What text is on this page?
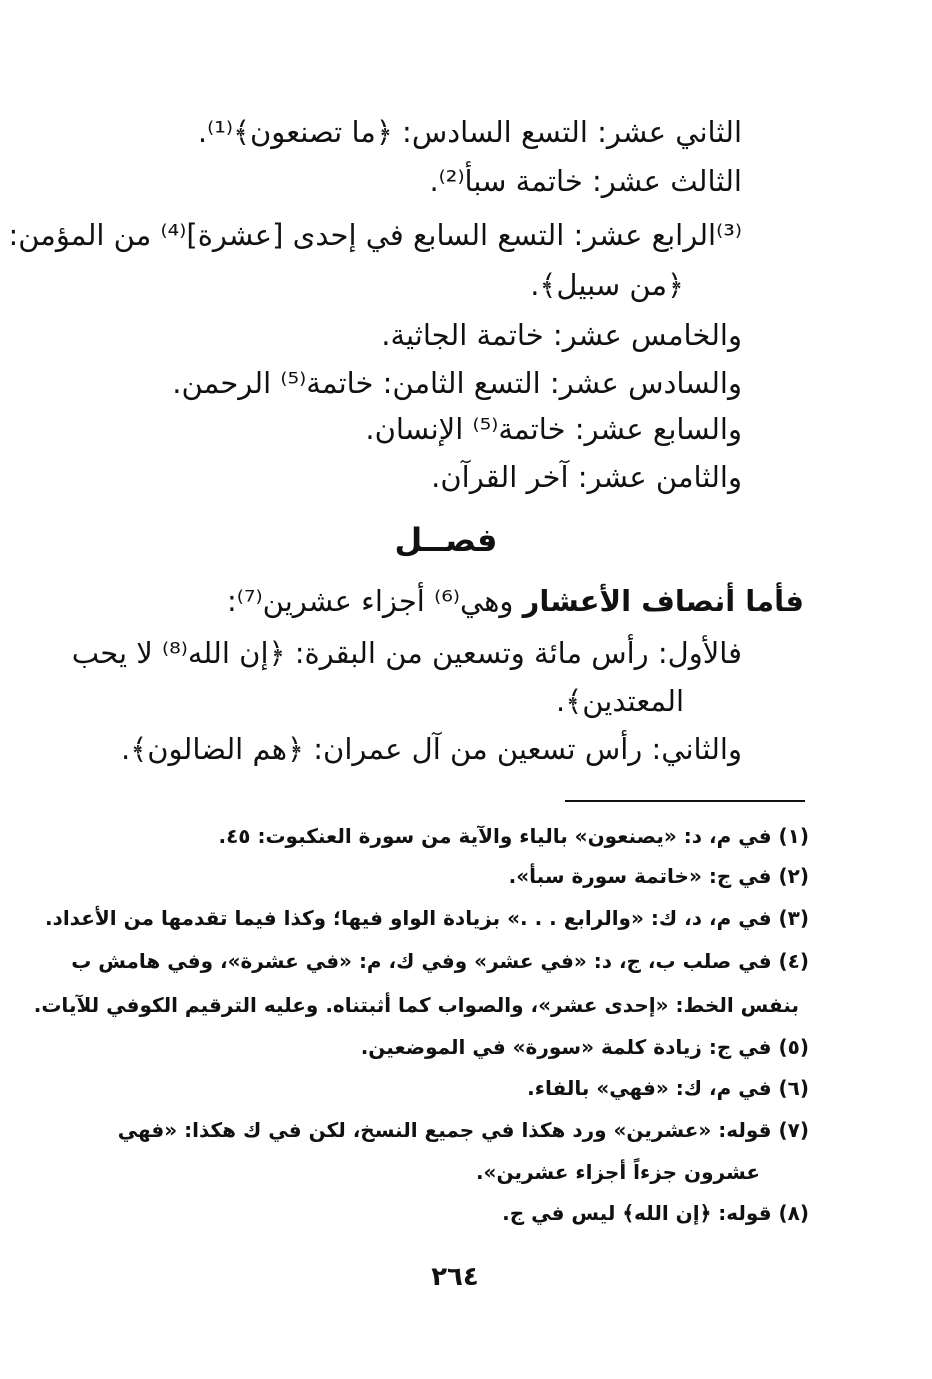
الثاني عشر: التسع السادس: ﴿ما تصنعون﴾⁽¹⁾.
الثالث عشر: خاتمة سبأ⁽²⁾.
⁽³⁾الرابع عشر: التسع السابع في إحدى [عشرة]⁽⁴⁾ من المؤمن:
﴿من سبيل﴾.
والخامس عشر: خاتمة الجاثية.
والسادس عشر: التسع الثامن: خاتمة⁽⁵⁾ الرحمن.
والسابع عشر: خاتمة⁽⁵⁾ الإنسان.
والثامن عشر: آخر القرآن.
فصــل
فأما أنصاف الأعشار وهي⁽⁶⁾ أجزاء عشرين⁽⁷⁾:
فالأول: رأس مائة وتسعين من البقرة: ﴿إن الله⁽⁸⁾ لا يحب
المعتدين﴾.
والثاني: رأس تسعين من آل عمران: ﴿هم الضالون﴾.
(١) في م، د: «يصنعون» بالياء والآية من سورة العنكبوت: ٤٥.
(٢) في ج: «خاتمة سورة سبأ».
(٣) في م، د، ك: «والرابع . . .» بزيادة الواو فيها؛ وكذا فيما تقدمها من الأعداد.
(٤) في صلب ب، ج، د: «في عشر» وفي ك، م: «في عشرة»، وفي هامش ب
بنفس الخط: «إحدى عشر»، والصواب كما أثبتناه. وعليه الترقيم الكوفي للآيات.
(٥) في ج: زيادة كلمة «سورة» في الموضعين.
(٦) في م، ك: «فهي» بالفاء.
(٧) قوله: «عشرين» ورد هكذا في جميع النسخ، لكن في ك هكذا: «فهي
عشرون جزءاً أجزاء عشرين».
(٨) قوله: ﴿إن الله﴾ ليس في ج.
٢٦٤
